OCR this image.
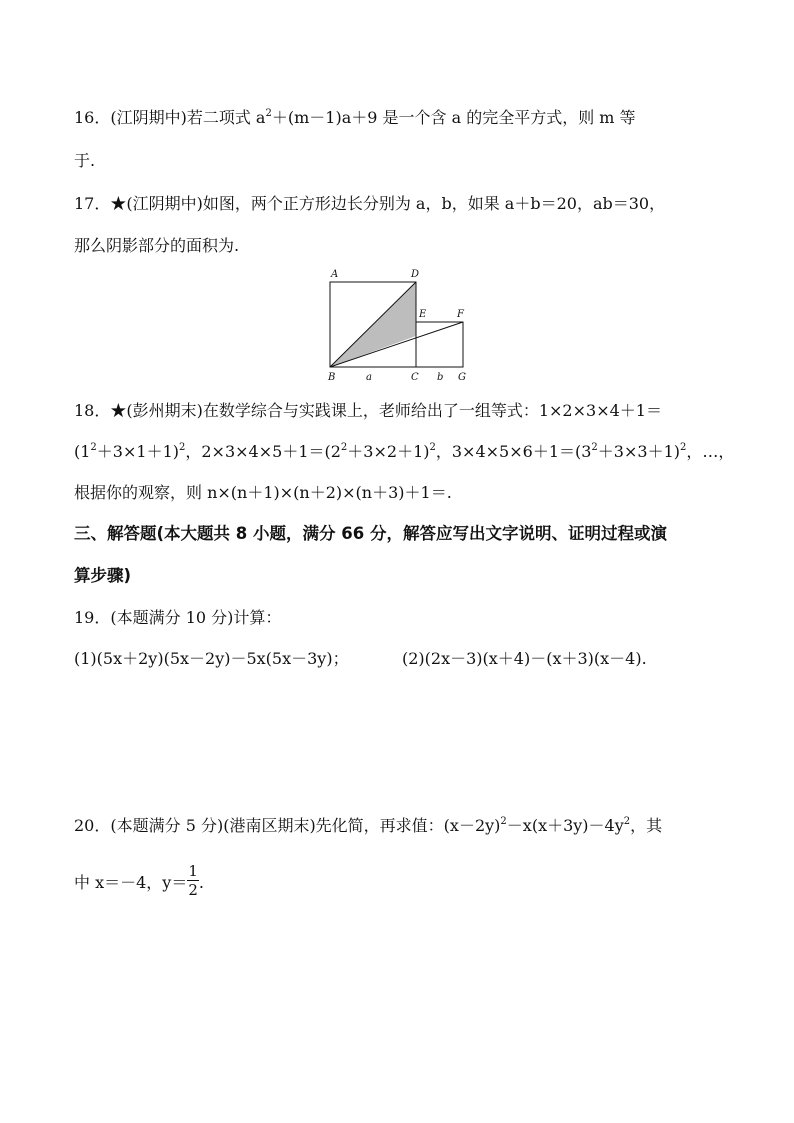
16．(江阴期中)若二项式 $a^2+(m-1)a+9$ 是一个含 a 的完全平方式，则 m 等
于.
17．★(江阴期中)如图，两个正方形边长分别为 a，b，如果 a＋b＝20，ab＝30，
那么阴影部分的面积为.
A	D
E	F
B	a	C b G
18．★(彭州期末)在数学综合与实践课上，老师给出了一组等式：1×2×3×4＋1＝
$(1^2+3\times 1+1)^2$，$2\times 3\times 4\times 5+1=(2^2+3\times 2+1)^2$，$3\times 4\times 5\times 6+1=(3^2+3\times 3+1)^2$，…，
根据你的观察，则 n×(n＋1)×(n＋2)×(n＋3)＋1＝.
三、解答题(本大题共 8 小题，满分 66 分，解答应写出文字说明、证明过程或演
算步骤)
19．(本题满分 10 分)计算：
(1)(5x＋2y)(5x－2y)－5x(5x－3y)；	(2)(2x－3)(x＋4)－(x＋3)(x－4).
20．(本题满分 5 分)(港南区期末)先化简，再求值：$(x-2y)^2-x(x+3y)-4y^2$，其
中 x＝－4，$y= \frac{1}{2}$ .
